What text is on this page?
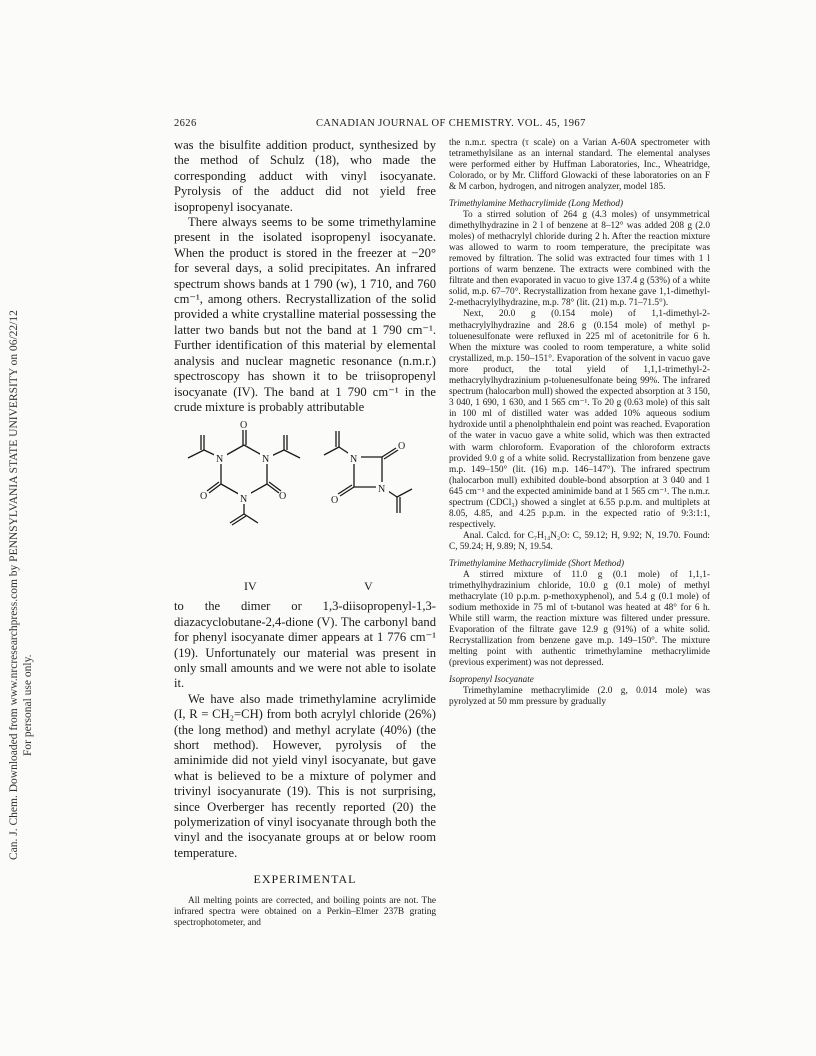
Can. J. Chem. Downloaded from www.nrcresearchpress.com by PENNSYLVANIA STATE UNIVERSITY on 06/22/12 For personal use only.
2626	CANADIAN JOURNAL OF CHEMISTRY. VOL. 45, 1967

was the bisulfite addition product, synthesized by the method of Schulz (18), who made the corresponding adduct with vinyl isocyanate. Pyrolysis of the adduct did not yield free isopropenyl isocyanate.

There always seems to be some trimethylamine present in the isolated isopropenyl isocyanate. When the product is stored in the freezer at −20° for several days, a solid precipitates. An infrared spectrum shows bands at 1 790 (w), 1 710, and 760 cm⁻¹, among others. Recrystallization of the solid provided a white crystalline material possessing the latter two bands but not the band at 1 790 cm⁻¹. Further identification of this material by elemental analysis and nuclear magnetic resonance (n.m.r.) spectroscopy has shown it to be triisopropenyl isocyanate (IV). The band at 1 790 cm⁻¹ in the crude mixture is probably attributable

O
O	O
O
O
N	N
N
N
N
IV	V

to the dimer or 1,3-diisopropenyl-1,3-diazacyclobutane-2,4-dione (V). The carbonyl band for phenyl isocyanate dimer appears at 1 776 cm⁻¹ (19). Unfortunately our material was present in only small amounts and we were not able to isolate it.

We have also made trimethylamine acrylimide (I, R = CH₂=CH) from both acrylyl chloride (26%) (the long method) and methyl acrylate (40%) (the short method). However, pyrolysis of the aminimide did not yield vinyl isocyanate, but gave what is believed to be a mixture of polymer and trivinyl isocyanurate (19). This is not surprising, since Overberger has recently reported (20) the polymerization of vinyl isocyanate through both the vinyl and the isocyanate groups at or below room temperature.

EXPERIMENTAL

All melting points are corrected, and boiling points are not. The infrared spectra were obtained on a Perkin–Elmer 237B grating spectrophotometer, and

the n.m.r. spectra (τ scale) on a Varian A-60A spectrometer with tetramethylsilane as an internal standard. The elemental analyses were performed either by Huffman Laboratories, Inc., Wheatridge, Colorado, or by Mr. Clifford Glowacki of these laboratories on an F & M carbon, hydrogen, and nitrogen analyzer, model 185.

Trimethylamine Methacrylimide (Long Method)

To a stirred solution of 264 g (4.3 moles) of unsymmetrical dimethylhydrazine in 2 l of benzene at 8–12° was added 208 g (2.0 moles) of methacrylyl chloride during 2 h. After the reaction mixture was allowed to warm to room temperature, the precipitate was removed by filtration. The solid was extracted four times with 1 l portions of warm benzene. The extracts were combined with the filtrate and then evaporated in vacuo to give 137.4 g (53%) of a white solid, m.p. 67–70°. Recrystallization from hexane gave 1,1-dimethyl-2-methacrylylhydrazine, m.p. 78° (lit. (21) m.p. 71–71.5°).

Next, 20.0 g (0.154 mole) of 1,1-dimethyl-2-methacrylylhydrazine and 28.6 g (0.154 mole) of methyl p-toluenesulfonate were refluxed in 225 ml of acetonitrile for 6 h. When the mixture was cooled to room temperature, a white solid crystallized, m.p. 150–151°. Evaporation of the solvent in vacuo gave more product, the total yield of 1,1,1-trimethyl-2-methacrylylhydrazinium p-toluenesulfonate being 99%. The infrared spectrum (halocarbon mull) showed the expected absorption at 3 150, 3 040, 1 690, 1 630, and 1 565 cm⁻¹. To 20 g (0.63 mole) of this salt in 100 ml of distilled water was added 10% aqueous sodium hydroxide until a phenolphthalein end point was reached. Evaporation of the water in vacuo gave a white solid, which was then extracted with warm chloroform. Evaporation of the chloroform extracts provided 9.0 g of a white solid. Recrystallization from benzene gave m.p. 149–150° (lit. (16) m.p. 146–147°). The infrared spectrum (halocarbon mull) exhibited double-bond absorption at 3 040 and 1 645 cm⁻¹ and the expected aminimide band at 1 565 cm⁻¹. The n.m.r. spectrum (CDCl₃) showed a singlet at 6.55 p.p.m. and multiplets at 8.05, 4.85, and 4.25 p.p.m. in the expected ratio of 9:3:1:1, respectively.

Anal. Calcd. for C₇H₁₄N₂O: C, 59.12; H, 9.92; N, 19.70. Found: C, 59.24; H, 9.89; N, 19.54.

Trimethylamine Methacrylimide (Short Method)

A stirred mixture of 11.0 g (0.1 mole) of 1,1,1-trimethylhydrazinium chloride, 10.0 g (0.1 mole) of methyl methacrylate (10 p.p.m. p-methoxyphenol), and 5.4 g (0.1 mole) of sodium methoxide in 75 ml of t-butanol was heated at 48° for 6 h. While still warm, the reaction mixture was filtered under pressure. Evaporation of the filtrate gave 12.9 g (91%) of a white solid. Recrystallization from benzene gave m.p. 149–150°. The mixture melting point with authentic trimethylamine methacrylimide (previous experiment) was not depressed.

Isopropenyl Isocyanate

Trimethylamine methacrylimide (2.0 g, 0.014 mole) was pyrolyzed at 50 mm pressure by gradually
